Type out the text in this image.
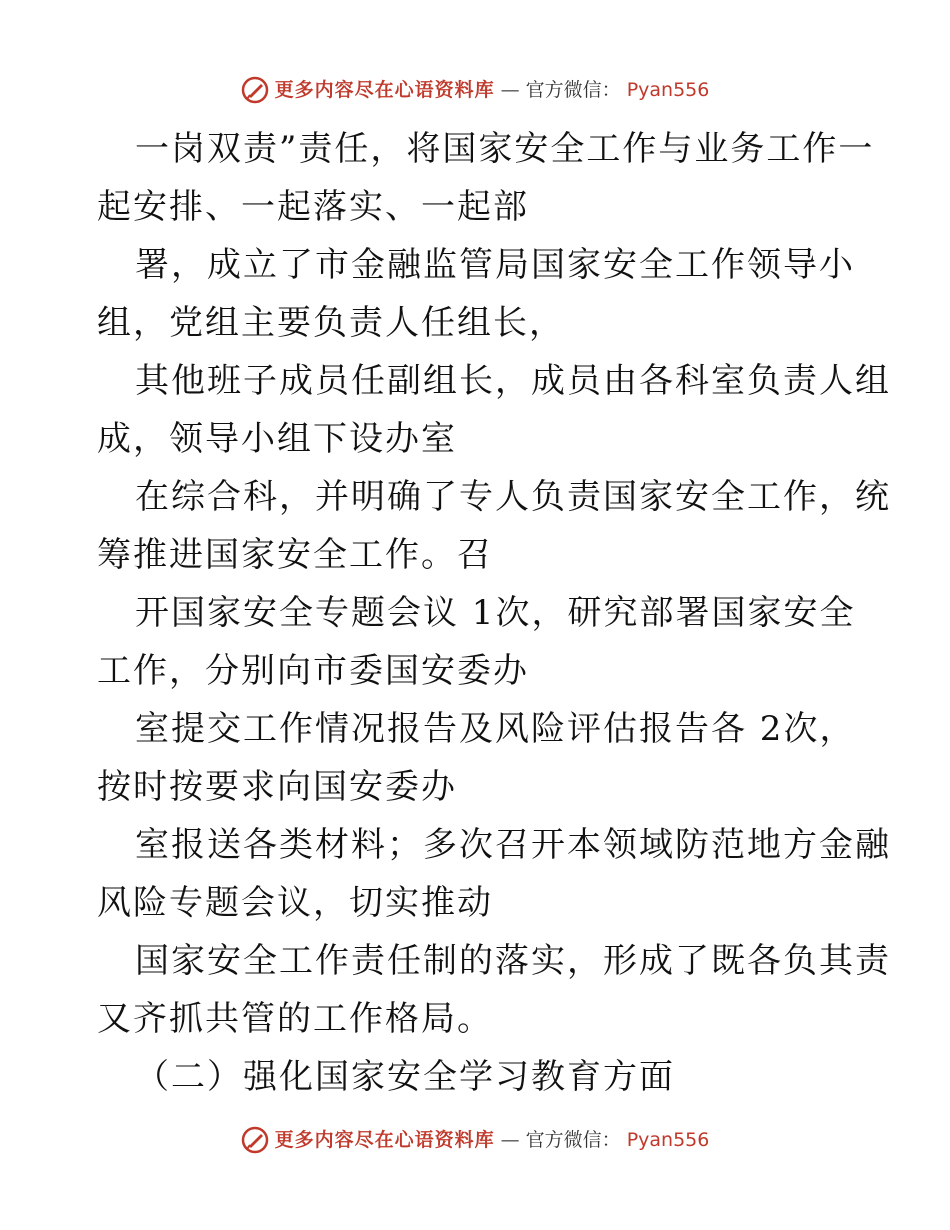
更多内容尽在心语资料库 — 官方微信： Pyan556
一岗双责”责任，将国家安全工作与业务工作一
起安排、一起落实、一起部
署，成立了市金融监管局国家安全工作领导小
组，党组主要负责人任组长，
其他班子成员任副组长，成员由各科室负责人组
成，领导小组下设办室
在综合科，并明确了专人负责国家安全工作，统
筹推进国家安全工作。召
开国家安全专题会议 1次，研究部署国家安全
工作，分别向市委国安委办
室提交工作情况报告及风险评估报告各 2次，
按时按要求向国安委办
室报送各类材料；多次召开本领域防范地方金融
风险专题会议，切实推动
国家安全工作责任制的落实，形成了既各负其责
又齐抓共管的工作格局。
（二）强化国家安全学习教育方面
更多内容尽在心语资料库 — 官方微信： Pyan556
